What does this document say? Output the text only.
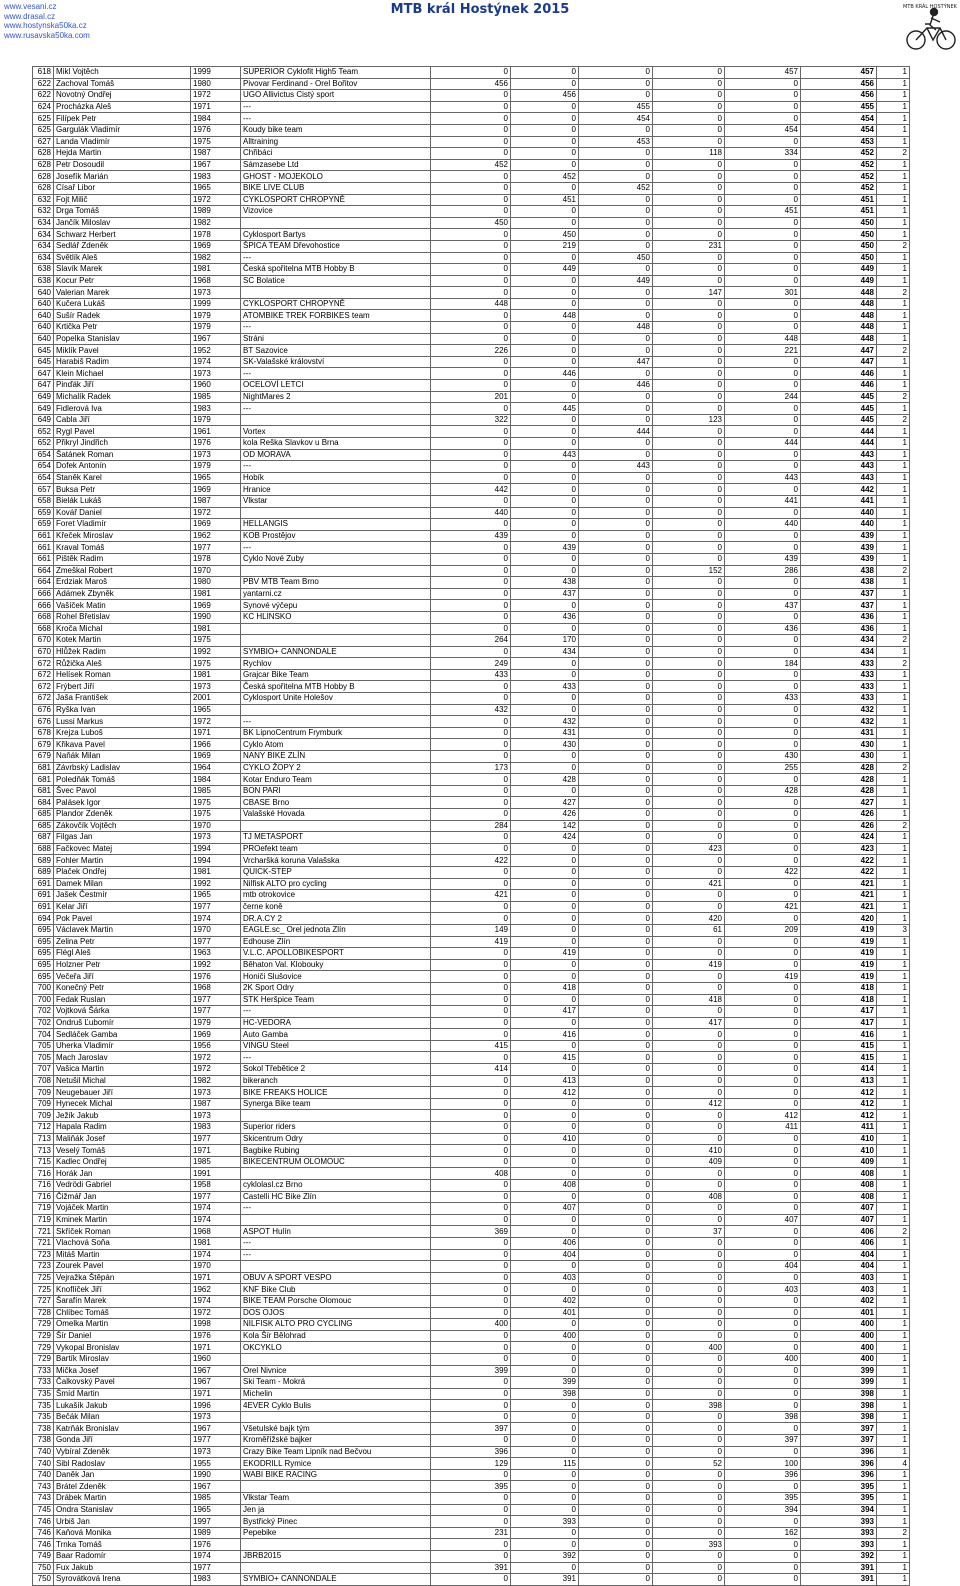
www.vesani.cz
www.drasal.cz
www.hostynska50ka.cz
www.rusavska50ka.com
MTB král Hostýnek 2015	MTB KRÁL HOSTÝNEK
618	Mikl Vojtěch	1999	SUPERIOR Cyklofit High5 Team	0	0	0	0	457	457	1
622	Zachoval Tomáš	1980	Pivovar Ferdinand - Orel Bořitov	456	0	0	0	0	456	1
622	Novotný Ondřej	1972	UGO Allivictus Cistý sport	0	456	0	0	0	456	1
624	Procházka Aleš	1971	---	0	0	455	0	0	455	1
625	Filípek Petr	1984	---	0	0	454	0	0	454	1
625	Gargulák Vladimír	1976	Koudy bike team	0	0	0	0	454	454	1
627	Landa Vladimír	1975	Alltraining	0	0	453	0	0	453	1
628	Hejda Martin	1987	Chřibáci	0	0	0	118	334	452	2
628	Petr Dosoudil	1967	Sámzasebe Ltd	452	0	0	0	0	452	1
628	Josefík Marián	1983	GHOST - MOJEKOLO	0	452	0	0	0	452	1
628	Císař Libor	1965	BIKE LIVE CLUB	0	0	452	0	0	452	1
632	Fojt Milič	1972	CYKLOSPORT CHROPYNĚ	0	451	0	0	0	451	1
632	Drga Tomáš	1989	Vizovice	0	0	0	0	451	451	1
634	Jančík Miloslav	1982		450	0	0	0	0	450	1
634	Schwarz Herbert	1978	Cyklosport Bartys	0	450	0	0	0	450	1
634	Sedlář Zdeněk	1969	ŠPICA TEAM Dřevohostice	0	219	0	231	0	450	2
634	Světlík Aleš	1982	---	0	0	450	0	0	450	1
638	Slavík Marek	1981	Česká spořitelna MTB Hobby B	0	449	0	0	0	449	1
638	Kocur Petr	1968	SC Bolatice	0	0	449	0	0	449	1
640	Valerian Marek	1973		0	0	0	147	301	448	2
640	Kučera Lukáš	1999	CYKLOSPORT CHROPYNĚ	448	0	0	0	0	448	1
640	Sušír Radek	1979	ATOMBIKE TREK FORBIKES team	0	448	0	0	0	448	1
640	Krtička Petr	1979	---	0	0	448	0	0	448	1
640	Popelka Stanislav	1967	Stráni	0	0	0	0	448	448	1
645	Miklík Pavel	1952	BT Sazovice	226	0	0	0	221	447	2
645	Harabiš Radim	1974	SK-Valašské království	0	0	447	0	0	447	1
647	Klein Michael	1973	---	0	446	0	0	0	446	1
647	Pinďák Jiří	1960	OCELOVÍ LETCI	0	0	446	0	0	446	1
649	Michalík Radek	1985	NightMares 2	201	0	0	0	244	445	2
649	Fidlerová Iva	1983	---	0	445	0	0	0	445	1
649	Cabla Jiří	1979		322	0	0	123	0	445	2
652	Rygl Pavel	1961	Vortex	0	0	444	0	0	444	1
652	Přikryl Jindřich	1976	kola Reška Slavkov u Brna	0	0	0	0	444	444	1
654	Šatánek Roman	1973	OD MORAVA	0	443	0	0	0	443	1
654	Dofek Antonín	1979	---	0	0	443	0	0	443	1
654	Staněk Karel	1965	Hobík	0	0	0	0	443	443	1
657	Buksa Petr	1969	Hranice	442	0	0	0	0	442	1
658	Bielák Lukáš	1987	Vlkstar	0	0	0	0	441	441	1
659	Kovář Daniel	1972		440	0	0	0	0	440	1
659	Foret Vladimír	1969	HELLANGIS	0	0	0	0	440	440	1
661	Křeček Miroslav	1962	KOB Prostějov	439	0	0	0	0	439	1
661	Kraval Tomáš	1977	---	0	439	0	0	0	439	1
661	Pištěk Radim	1978	Cyklo Nové Zuby	0	0	0	0	439	439	1
664	Zmeškal Robert	1970		0	0	0	152	286	438	2
664	Erdziak Maroš	1980	PBV MTB Team Brno	0	438	0	0	0	438	1
666	Adámek Zbyněk	1981	yantarni.cz	0	437	0	0	0	437	1
666	Vašíček Matin	1969	Synové výčepu	0	0	0	0	437	437	1
668	Rohel Břetislav	1990	KC HLINSKO	0	436	0	0	0	436	1
668	Kroča Michal	1981		0	0	0	0	436	436	1
670	Kotek Martin	1975		264	170	0	0	0	434	2
670	Hlůžek Radim	1992	SYMBIO+ CANNONDALE	0	434	0	0	0	434	1
672	Růžička Aleš	1975	Rychlov	249	0	0	0	184	433	2
672	Helísek Roman	1981	Grajcar Bike Team	433	0	0	0	0	433	1
672	Frýbert Jiří	1973	Česká spořitelna MTB Hobby B	0	433	0	0	0	433	1
672	Jaša František	2001	Cyklosport Unite Holešov	0	0	0	0	433	433	1
676	Ryška Ivan	1965		432	0	0	0	0	432	1
676	Lussi Markus	1972	---	0	432	0	0	0	432	1
678	Krejza Luboš	1971	BK LipnoCentrum Frymburk	0	431	0	0	0	431	1
679	Křikava Pavel	1966	Cyklo Atom	0	430	0	0	0	430	1
679	Naňák Milan	1969	NANY BIKE ZLÍN	0	0	0	0	430	430	1
681	Závrbský Ladislav	1964	CYKLO ŽOPY 2	173	0	0	0	255	428	2
681	Poledňák Tomáš	1984	Kotar Enduro Team	0	428	0	0	0	428	1
681	Švec Pavol	1985	BON PARI	0	0	0	0	428	428	1
684	Palásek Igor	1975	CBASE Brno	0	427	0	0	0	427	1
685	Plandor Zdeněk	1975	Valašské Hovada	0	426	0	0	0	426	1
685	Zákovčík Vojtěch	1970		284	142	0	0	0	426	2
687	Filgas Jan	1973	TJ METASPORT	0	424	0	0	0	424	1
688	Fačkovec Matej	1994	PROefekt team	0	0	0	423	0	423	1
689	Fohler Martin	1994	Vrcharšká koruna Valašska	422	0	0	0	0	422	1
689	Plaček Ondřej	1981	QUICK-STEP	0	0	0	0	422	422	1
691	Damek Milan	1992	Nilfisk ALTO pro cycling	0	0	0	421	0	421	1
691	Jašek Čestmír	1965	mtb otrokovice	421	0	0	0	0	421	1
691	Kelar Jiří	1977	černe koně	0	0	0	0	421	421	1
694	Pok Pavel	1974	DR.A.CY 2	0	0	0	420	0	420	1
695	Václavek Martin	1970	EAGLE.sc_ Orel jednota Zlín	149	0	0	61	209	419	3
695	Zelina Petr	1977	Edhouse Zlín	419	0	0	0	0	419	1
695	Flégl Aleš	1963	V.L.C. APOLLOBIKESPORT	0	419	0	0	0	419	1
695	Holzner Petr	1992	Běhaton Val. Klobouky	0	0	0	419	0	419	1
695	Večeřa Jiří	1976	Honiči Slušovice	0	0	0	0	419	419	1
700	Konečný Petr	1968	2K Sport Odry	0	418	0	0	0	418	1
700	Fedak Ruslan	1977	STK Heršpice Team	0	0	0	418	0	418	1
702	Vojtková Šárka	1977	---	0	417	0	0	0	417	1
702	Ondruš Ľubomír	1979	HC-VEDORA	0	0	0	417	0	417	1
704	Sedláček Gamba	1969	Auto Gamba	0	416	0	0	0	416	1
705	Uherka Vladimír	1956	VINGU Steel	415	0	0	0	0	415	1
705	Mach Jaroslav	1972	---	0	415	0	0	0	415	1
707	Vašica Martin	1972	Sokol Třebětice 2	414	0	0	0	0	414	1
708	Netušil Michal	1982	bikeranch	0	413	0	0	0	413	1
709	Neugebauer Jiří	1973	BIKE FREAKS HOLICE	0	412	0	0	0	412	1
709	Hynecek Michal	1987	Synerga Bike team	0	0	0	412	0	412	1
709	Ježík Jakub	1973		0	0	0	0	412	412	1
712	Hapala Radim	1983	Superior riders	0	0	0	0	411	411	1
713	Maliňák Josef	1977	Skicentrum Odry	0	410	0	0	0	410	1
713	Veselý Tomáš	1971	Bagbike Rubing	0	0	0	410	0	410	1
715	Kadlec Ondřej	1985	BIKECENTRUM OLOMOUC	0	0	0	409	0	409	1
716	Horák Jan	1991		408	0	0	0	0	408	1
716	Vedrödi Gabriel	1958	cyklolasl.cz Brno	0	408	0	0	0	408	1
716	Čižmář Jan	1977	Castelli HC Bike Zlín	0	0	0	408	0	408	1
719	Vojáček Martin	1974	---	0	407	0	0	0	407	1
719	Kminek Martin	1974		0	0	0	0	407	407	1
721	Skříček Roman	1968	ASPOT Hulín	369	0	0	37	0	406	2
721	Vlachová Soňa	1981	---	0	406	0	0	0	406	1
723	Mitáš Martin	1974	---	0	404	0	0	0	404	1
723	Zourek Pavel	1970		0	0	0	0	404	404	1
725	Vejražka Štěpán	1971	OBUV A SPORT VESPO	0	403	0	0	0	403	1
725	Knoflíček Jiří	1962	KNF Bike Club	0	0	0	0	403	403	1
727	Šarafín Marek	1974	BIKE TEAM Porsche Olomouc	0	402	0	0	0	402	1
728	Chlíbec Tomáš	1972	DOS OJOS	0	401	0	0	0	401	1
729	Omelka Martin	1998	NILFISK ALTO PRO CYCLING	400	0	0	0	0	400	1
729	Šír Daniel	1976	Kola Šír Bělohrad	0	400	0	0	0	400	1
729	Vykopal Bronislav	1971	OKCYKLO	0	0	0	400	0	400	1
729	Bartík Miroslav	1960		0	0	0	0	400	400	1
733	Mička Josef	1967	Orel Nivnice	399	0	0	0	0	399	1
733	Čalkovský Pavel	1967	Ski Team - Mokrá	0	399	0	0	0	399	1
735	Šmíd Martin	1971	Michelin	0	398	0	0	0	398	1
735	Lukašík Jakub	1996	4EVER Cyklo Bulis	0	0	0	398	0	398	1
735	Bečák Milan	1973		0	0	0	0	398	398	1
738	Katrňák Bronislav	1967	Všetulské bajk tým	397	0	0	0	0	397	1
738	Gonda Jiří	1977	Kroměřížské bajker	0	0	0	0	397	397	1
740	Vybíral Zdeněk	1973	Crazy Bike Team Lipník nad Bečvou	396	0	0	0	0	396	1
740	Sibl Radoslav	1955	EKODRILL Rymice	129	115	0	52	100	396	4
740	Daněk Jan	1990	WABI BIKE RACING	0	0	0	0	396	396	1
743	Brátel Zdeněk	1967		395	0	0	0	0	395	1
743	Drábek Martin	1985	Vlkstar Team	0	0	0	0	395	395	1
745	Ondra Stanislav	1965	Jen ja	0	0	0	0	394	394	1
746	Urbiš Jan	1997	Bystřický Pinec	0	393	0	0	0	393	1
746	Kaňová Monika	1989	Pepebike	231	0	0	0	162	393	2
746	Trnka Tomáš	1976		0	0	0	393	0	393	1
749	Baar Radomír	1974	JBRB2015	0	392	0	0	0	392	1
750	Fux Jakub	1977		391	0	0	0	0	391	1
750	Syrovátková Irena	1983	SYMBIO+ CANNONDALE	0	391	0	0	0	391	1
